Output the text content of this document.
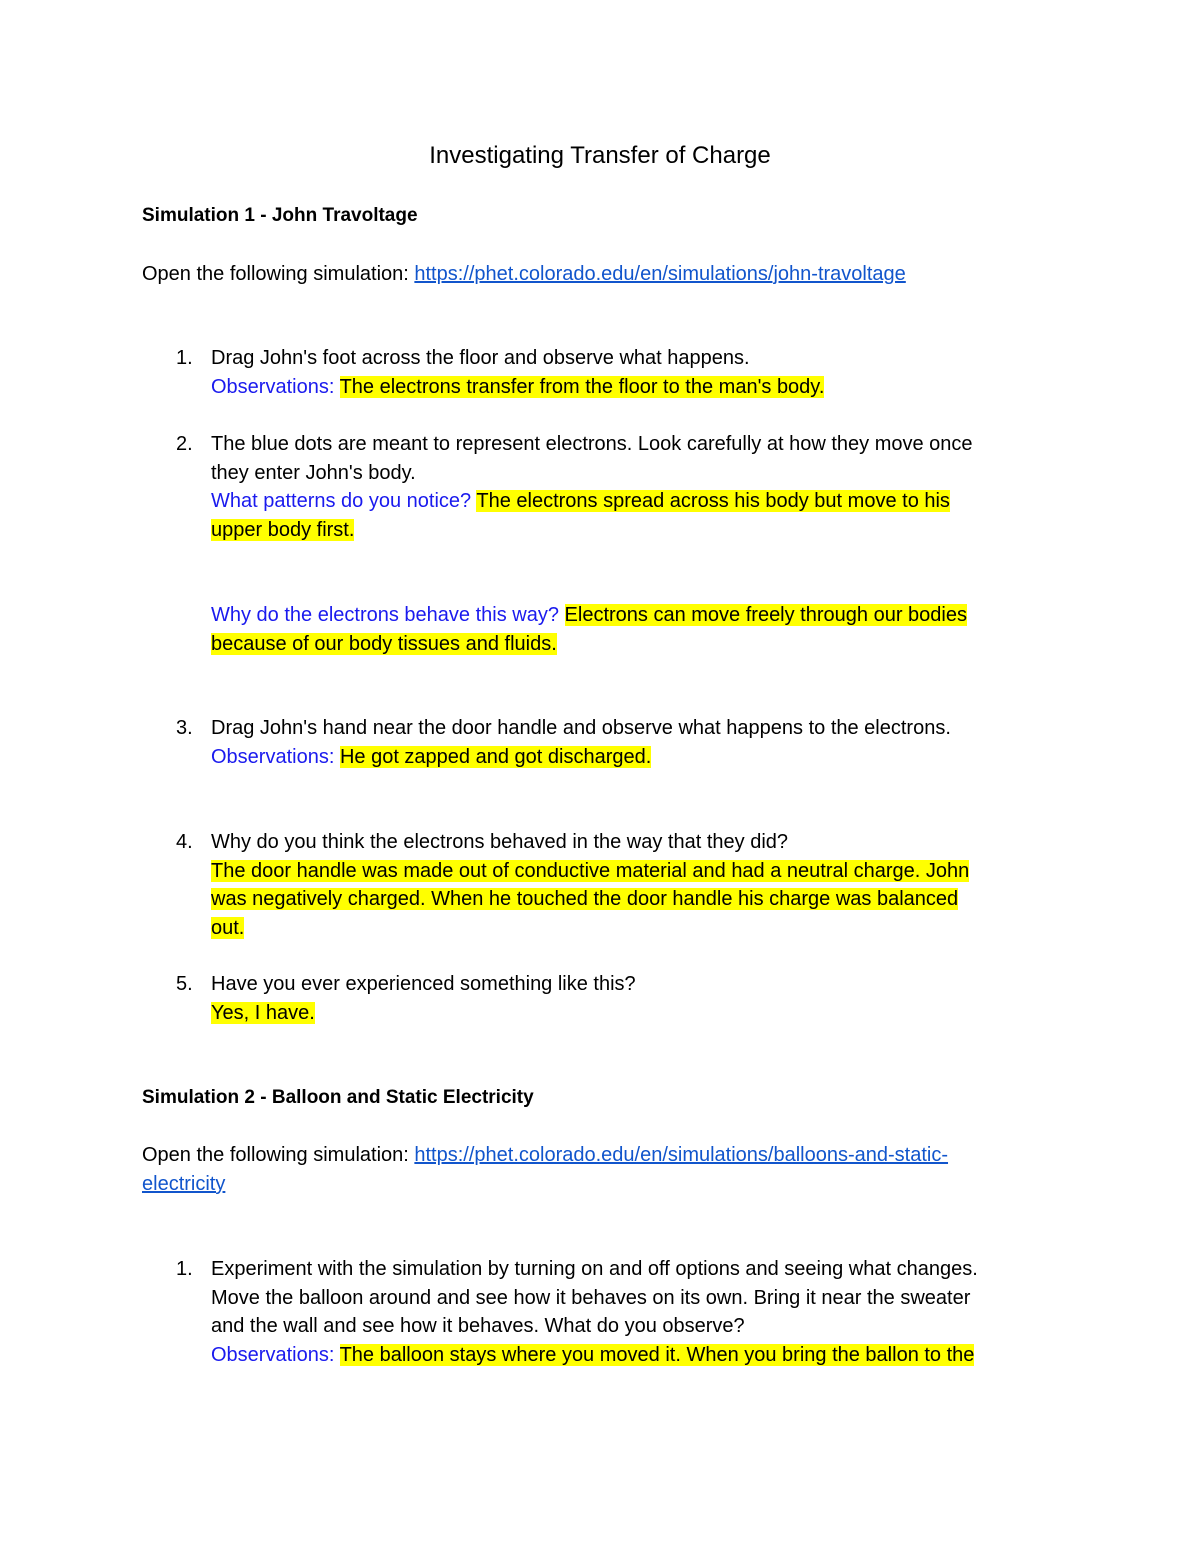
Investigating Transfer of Charge
Simulation 1 - John Travoltage
Open the following simulation: https://phet.colorado.edu/en/simulations/john-travoltage
1. Drag John's foot across the floor and observe what happens.
Observations: The electrons transfer from the floor to the man's body.
2. The blue dots are meant to represent electrons. Look carefully at how they move once
they enter John's body.
What patterns do you notice? The electrons spread across his body but move to his
upper body first.
Why do the electrons behave this way? Electrons can move freely through our bodies
because of our body tissues and fluids.
3. Drag John's hand near the door handle and observe what happens to the electrons.
Observations: He got zapped and got discharged.
4. Why do you think the electrons behaved in the way that they did?
The door handle was made out of conductive material and had a neutral charge. John
was negatively charged. When he touched the door handle his charge was balanced
out.
5. Have you ever experienced something like this?
Yes, I have.
Simulation 2 - Balloon and Static Electricity
Open the following simulation: https://phet.colorado.edu/en/simulations/balloons-and-static-
electricity
1. Experiment with the simulation by turning on and off options and seeing what changes.
Move the balloon around and see how it behaves on its own. Bring it near the sweater
and the wall and see how it behaves. What do you observe?
Observations: The balloon stays where you moved it. When you bring the ballon to the
